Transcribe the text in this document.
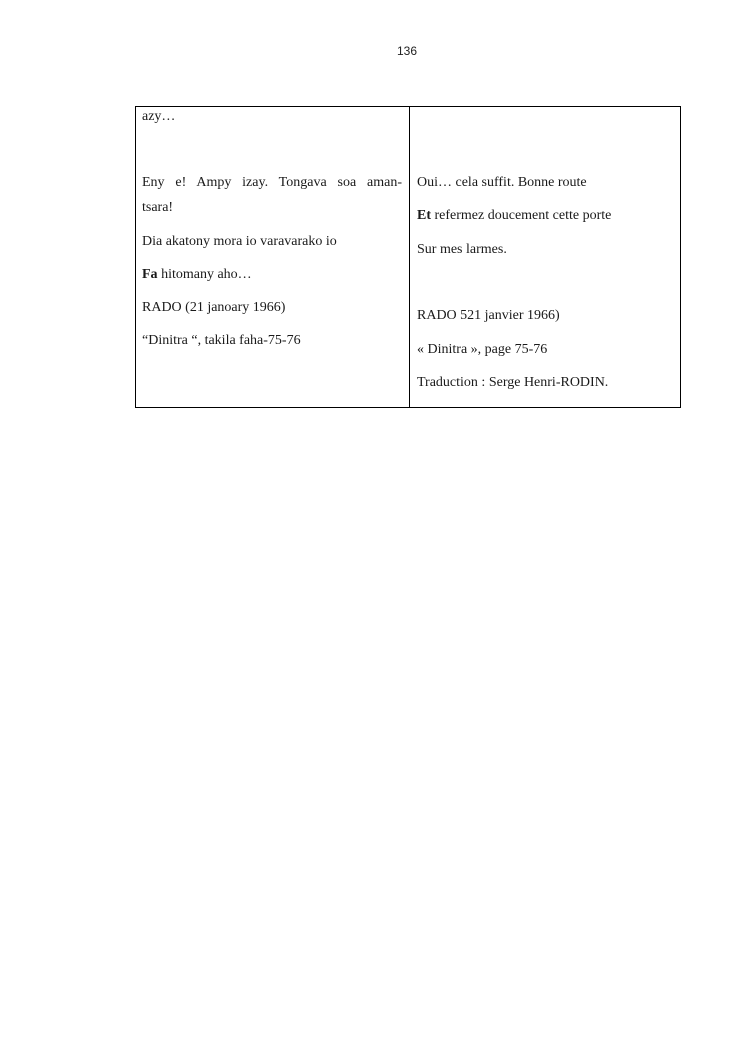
136
azy…
Eny e! Ampy izay. Tongava soa aman-
tsara!
Dia akatony mora io varavarako io
Fa hitomany aho…
RADO (21 janoary 1966)
“Dinitra “, takila faha-75-76
Oui… cela suffit. Bonne route
Et refermez doucement cette porte
Sur mes larmes.
RADO 521 janvier 1966)
« Dinitra », page 75-76
Traduction : Serge Henri-RODIN.
